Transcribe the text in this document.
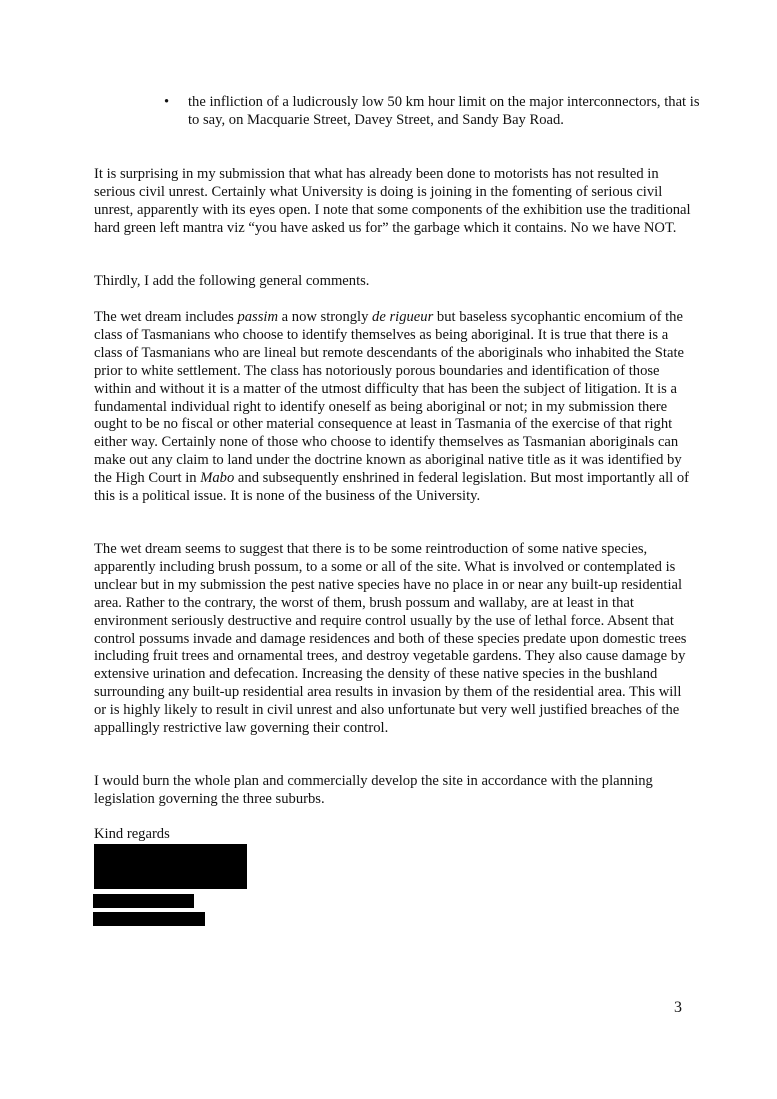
•	the infliction of a ludicrously low 50 km hour limit on the major interconnectors, that is to say, on Macquarie Street, Davey Street, and Sandy Bay Road.

It is surprising in my submission that what has already been done to motorists has not resulted in serious civil unrest. Certainly what University is doing is joining in the fomenting of serious civil unrest, apparently with its eyes open. I note that some components of the exhibition use the traditional hard green left mantra viz “you have asked us for” the garbage which it contains. No we have NOT.

Thirdly, I add the following general comments.

The wet dream includes passim a now strongly de rigueur but baseless sycophantic encomium of the class of Tasmanians who choose to identify themselves as being aboriginal. It is true that there is a class of Tasmanians who are lineal but remote descendants of the aboriginals who inhabited the State prior to white settlement. The class has notoriously porous boundaries and identification of those within and without it is a matter of the utmost difficulty that has been the subject of litigation. It is a fundamental individual right to identify oneself as being aboriginal or not; in my submission there ought to be no fiscal or other material consequence at least in Tasmania of the exercise of that right either way. Certainly none of those who choose to identify themselves as Tasmanian aboriginals can make out any claim to land under the doctrine known as aboriginal native title as it was identified by the High Court in Mabo and subsequently enshrined in federal legislation. But most importantly all of this is a political issue. It is none of the business of the University.

The wet dream seems to suggest that there is to be some reintroduction of some native species, apparently including brush possum, to a some or all of the site. What is involved or contemplated is unclear but in my submission the pest native species have no place in or near any built-up residential area. Rather to the contrary, the worst of them, brush possum and wallaby, are at least in that environment seriously destructive and require control usually by the use of lethal force. Absent that control possums invade and damage residences and both of these species predate upon domestic trees including fruit trees and ornamental trees, and destroy vegetable gardens. They also cause damage by extensive urination and defecation. Increasing the density of these native species in the bushland surrounding any built-up residential area results in invasion by them of the residential area. This will or is highly likely to result in civil unrest and also unfortunate but very well justified breaches of the appallingly restrictive law governing their control.

I would burn the whole plan and commercially develop the site in accordance with the planning legislation governing the three suburbs.

Kind regards

3
